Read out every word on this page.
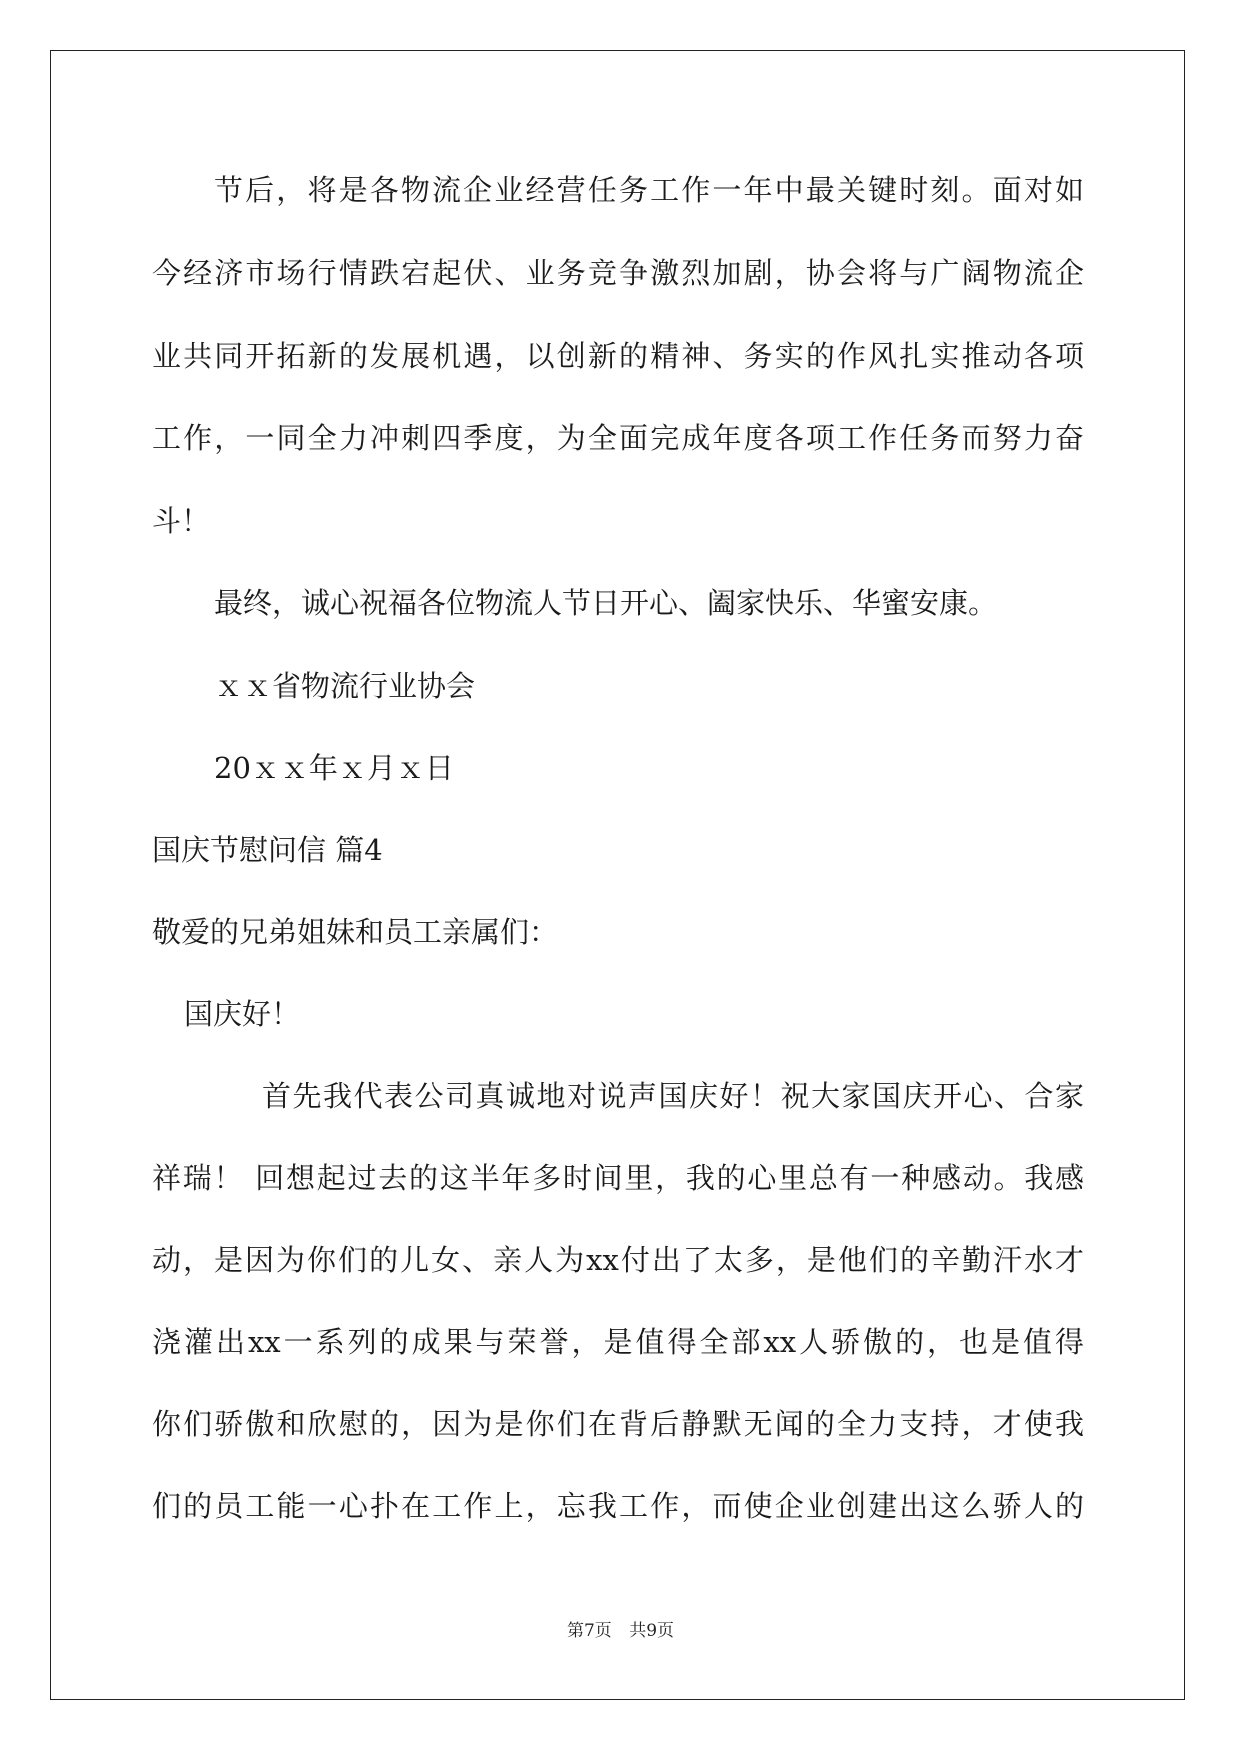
节后，将是各物流企业经营任务工作一年中最关键时刻。面对如
今经济市场行情跌宕起伏、业务竞争激烈加剧，协会将与广阔物流企
业共同开拓新的发展机遇，以创新的精神、务实的作风扎实推动各项
工作，一同全力冲刺四季度，为全面完成年度各项工作任务而努力奋
斗！
最终，诚心祝福各位物流人节日开心、阖家快乐、华蜜安康。
ｘｘ省物流行业协会
20ｘｘ年ｘ月ｘ日
国庆节慰问信 篇4
敬爱的兄弟姐妹和员工亲属们：
国庆好！
首先我代表公司真诚地对说声国庆好！祝大家国庆开心、合家
祥瑞！ 回想起过去的这半年多时间里，我的心里总有一种感动。我感
动，是因为你们的儿女、亲人为xx付出了太多，是他们的辛勤汗水才
浇灌出xx一系列的成果与荣誉，是值得全部xx人骄傲的，也是值得
你们骄傲和欣慰的，因为是你们在背后静默无闻的全力支持，才使我
们的员工能一心扑在工作上，忘我工作，而使企业创建出这么骄人的
第7页 共9页
